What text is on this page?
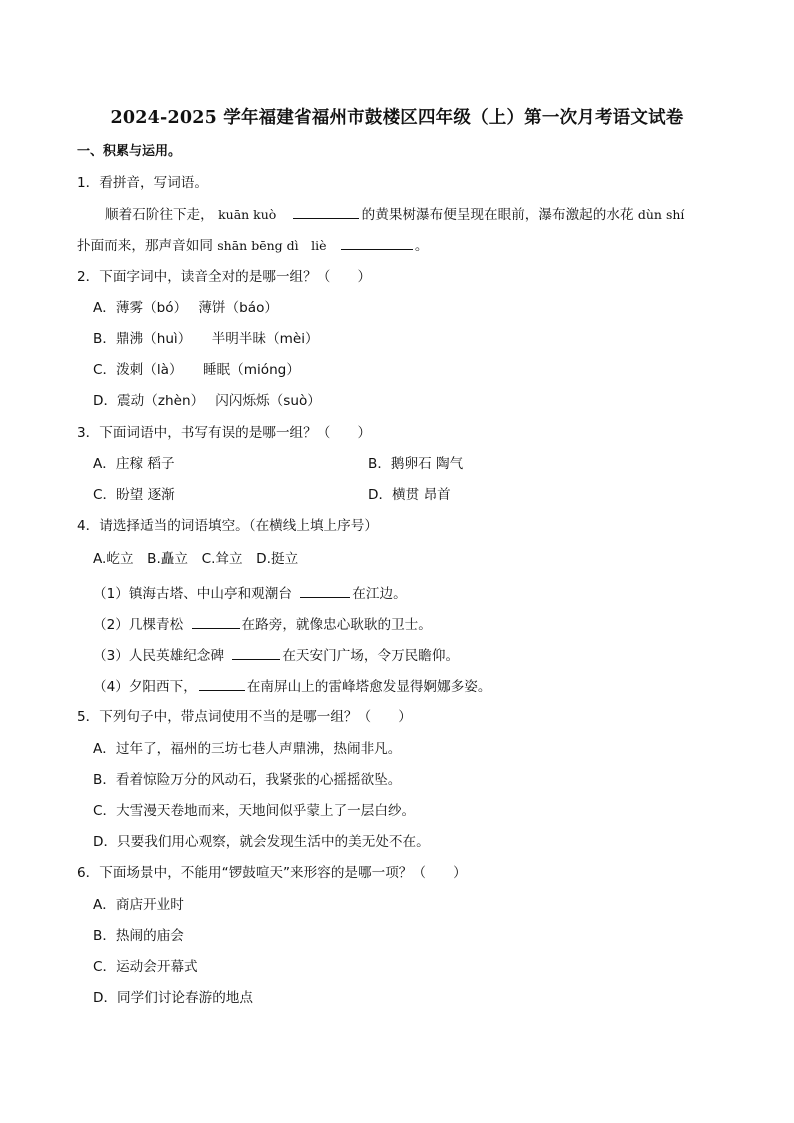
2024-2025 学年福建省福州市鼓楼区四年级（上）第一次月考语文试卷
一、积累与运用。
1．看拼音，写词语。
顺着石阶往下走， kuān kuò	的黄果树瀑布便呈现在眼前，瀑布激起的水花 dùn shí
扑面而来，那声音如同 shān bēng dì　liè	。
2．下面字词中，读音全对的是哪一组？（　　）
A．薄雾（bó）　 薄饼（báo）
B．鼎沸（huì）　　半明半昧（mèi）
C．泼刺（là）　　睡眠（mióng）
D．震动（zhèn）　 闪闪烁烁（suò）
3．下面词语中，书写有误的是哪一组？（　　）
A．庄稼 稻子	B．鹅卵石 陶气
C．盼望 逐渐	D．横贯 昂首
4．请选择适当的词语填空。（在横线上填上序号）
A.屹立　B.矗立　C.耸立　D.挺立
（1）镇海古塔、中山亭和观潮台	在江边。
（2）几棵青松	在路旁，就像忠心耿耿的卫士。
（3）人民英雄纪念碑	在天安门广场，令万民瞻仰。
（4）夕阳西下，	在南屏山上的雷峰塔愈发显得婀娜多姿。
5．下列句子中，带点词使用不当的是哪一组？（　　）
A．过年了，福州的三坊七巷人声鼎沸，热闹非凡。
B．看着惊险万分的风动石，我紧张的心摇摇欲坠。
C．大雪漫天卷地而来，天地间似乎蒙上了一层白纱。
D．只要我们用心观察，就会发现生活中的美无处不在。
6．下面场景中，不能用“锣鼓喧天”来形容的是哪一项？（　　）
A．商店开业时
B．热闹的庙会
C．运动会开幕式
D．同学们讨论春游的地点
